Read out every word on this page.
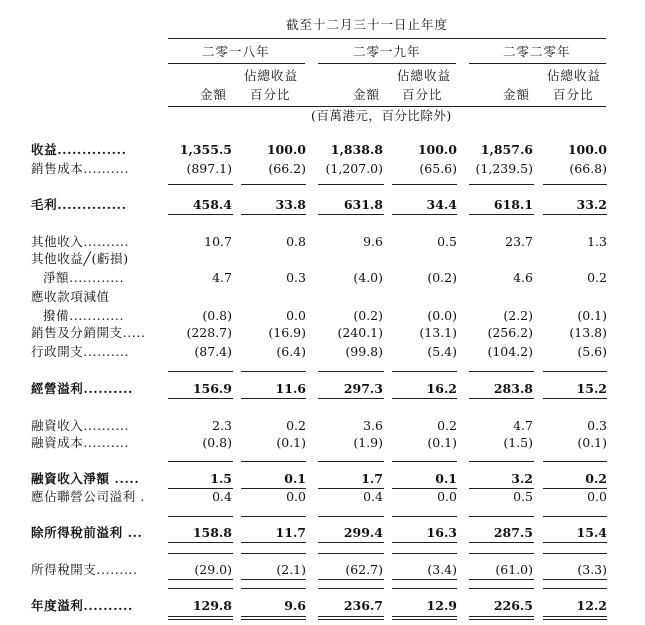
截至十二月三十一日止年度
二零一八年	二零一九年	二零二零年
佔總收益	佔總收益	佔總收益
金額 百分比	金額 百分比	金額 百分比
(百萬港元，百分比除外)
收益..............	1,355.5	100.0	1,838.8	100.0	1,857.6	100.0
銷售成本..........	(897.1)	(66.2)	(1,207.0)	(65.6)	(1,239.5)	(66.8)
毛利..............	458.4	33.8	631.8	34.4	618.1	33.2
其他收入..........	10.7	0.8	9.6	0.5	23.7	1.3
其他收益╱(虧損)
淨額............	4.7	0.3	(4.0)	(0.2)	4.6	0.2
應收款項減值
撥備............	(0.8)	0.0	(0.2)	(0.0)	(2.2)	(0.1)
銷售及分銷開支.....	(228.7)	(16.9)	(240.1)	(13.1)	(256.2)	(13.8)
行政開支..........	(87.4)	(6.4)	(99.8)	(5.4)	(104.2)	(5.6)
經營溢利..........	156.9	11.6	297.3	16.2	283.8	15.2
融資收入..........	2.3	0.2	3.6	0.2	4.7	0.3
融資成本..........	(0.8)	(0.1)	(1.9)	(0.1)	(1.5)	(0.1)
融資收入淨額 .....	1.5	0.1	1.7	0.1	3.2	0.2
應佔聯營公司溢利 .	0.4	0.0	0.4	0.0	0.5	0.0
除所得稅前溢利 ...	158.8	11.7	299.4	16.3	287.5	15.4
所得稅開支.........	(29.0)	(2.1)	(62.7)	(3.4)	(61.0)	(3.3)
年度溢利..........	129.8	9.6	236.7	12.9	226.5	12.2
